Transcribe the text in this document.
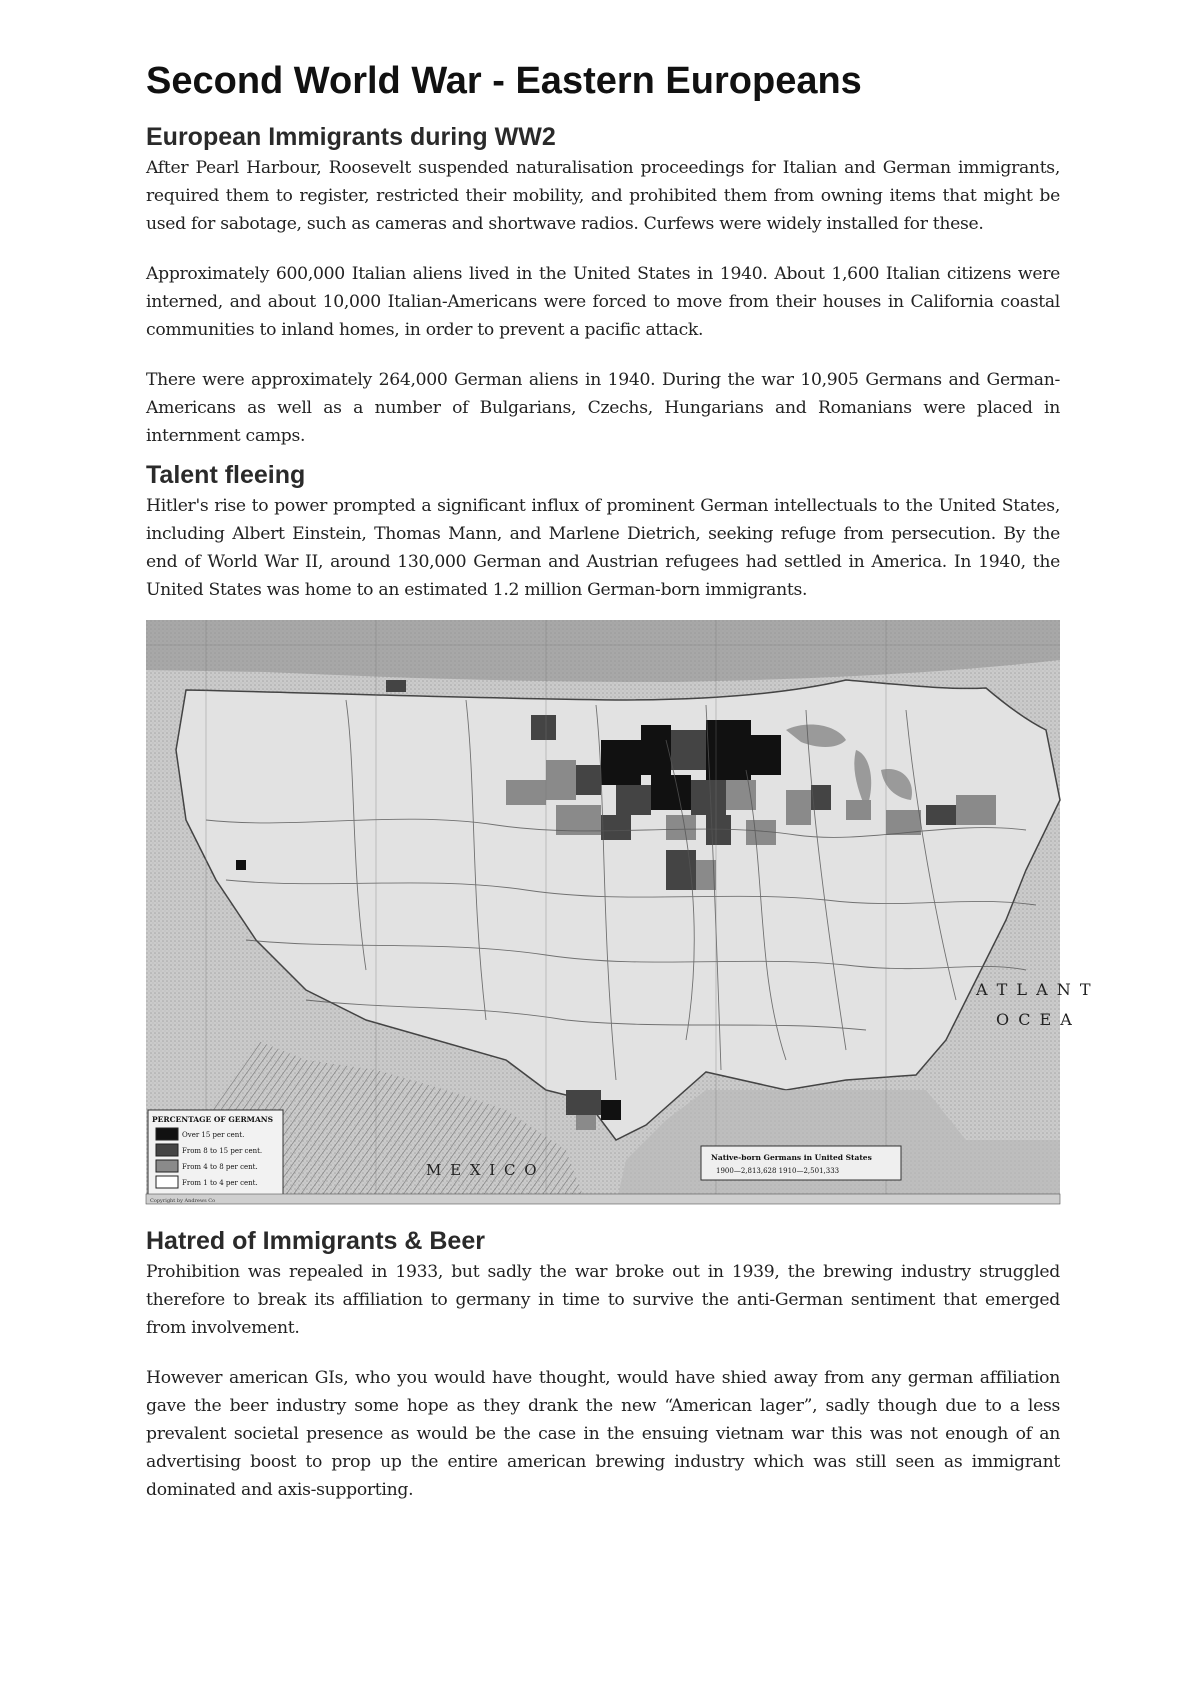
Second World War - Eastern Europeans
European Immigrants during WW2

After Pearl Harbour, Roosevelt suspended naturalisation proceedings for Italian and German immigrants, required them to register, restricted their mobility, and prohibited them from owning items that might be used for sabotage, such as cameras and shortwave radios. Curfews were widely installed for these.

Approximately 600,000 Italian aliens lived in the United States in 1940. About 1,600 Italian citizens were interned, and about 10,000 Italian-Americans were forced to move from their houses in California coastal communities to inland homes, in order to prevent a pacific attack.

There were approximately 264,000 German aliens in 1940. During the war 10,905 Germans and German-Americans as well as a number of Bulgarians, Czechs, Hungarians and Romanians were placed in internment camps.

Talent fleeing

Hitler's rise to power prompted a significant influx of prominent German intellectuals to the United States, including Albert Einstein, Thomas Mann, and Marlene Dietrich, seeking refuge from persecution. By the end of World War II, around 130,000 German and Austrian refugees had settled in America. In 1940, the United States was home to an estimated 1.2 million German-born immigrants.

A T L A N T
O C E A
M E X I C O
PERCENTAGE OF GERMANS
Over 15 per cent.
From 8 to 15 per cent.
From 4 to 8 per cent.
From 1 to 4 per cent.
Native-born Germans in United States
1900—2,813,628 1910—2,501,333
Copyright by Andrews Co
Hatred of Immigrants & Beer

Prohibition was repealed in 1933, but sadly the war broke out in 1939, the brewing industry struggled therefore to break its affiliation to germany in time to survive the anti-German sentiment that emerged from involvement.

However american GIs, who you would have thought, would have shied away from any german affiliation gave the beer industry some hope as they drank the new “American lager”, sadly though due to a less prevalent societal presence as would be the case in the ensuing vietnam war this was not enough of an advertising boost to prop up the entire american brewing industry which was still seen as immigrant dominated and axis-supporting.
